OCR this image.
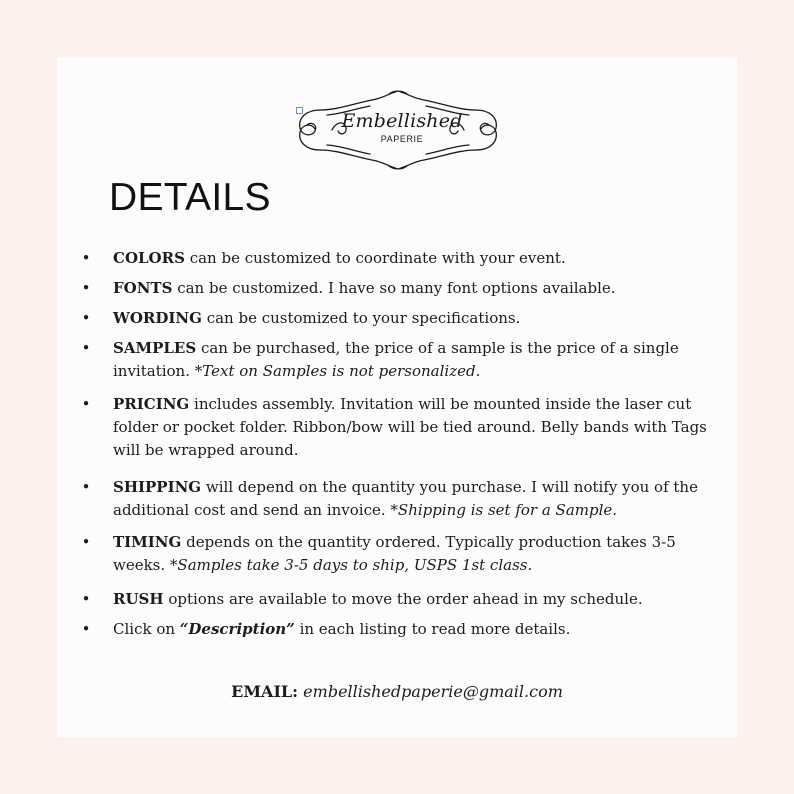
Embellished
PAPERIE
DETAILS
• COLORS can be customized to coordinate with your event.
• FONTS can be customized. I have so many font options available.
• WORDING can be customized to your specifications.
• SAMPLES can be purchased, the price of a sample is the price of a single invitation. *Text on Samples is not personalized.
• PRICING includes assembly. Invitation will be mounted inside the laser cut folder or pocket folder. Ribbon/bow will be tied around. Belly bands with Tags will be wrapped around.
• SHIPPING will depend on the quantity you purchase. I will notify you of the additional cost and send an invoice. *Shipping is set for a Sample.
• TIMING depends on the quantity ordered. Typically production takes 3-5 weeks. *Samples take 3-5 days to ship, USPS 1st class.
• RUSH options are available to move the order ahead in my schedule.
• Click on “Description” in each listing to read more details.
EMAIL: embellishedpaperie@gmail.com
